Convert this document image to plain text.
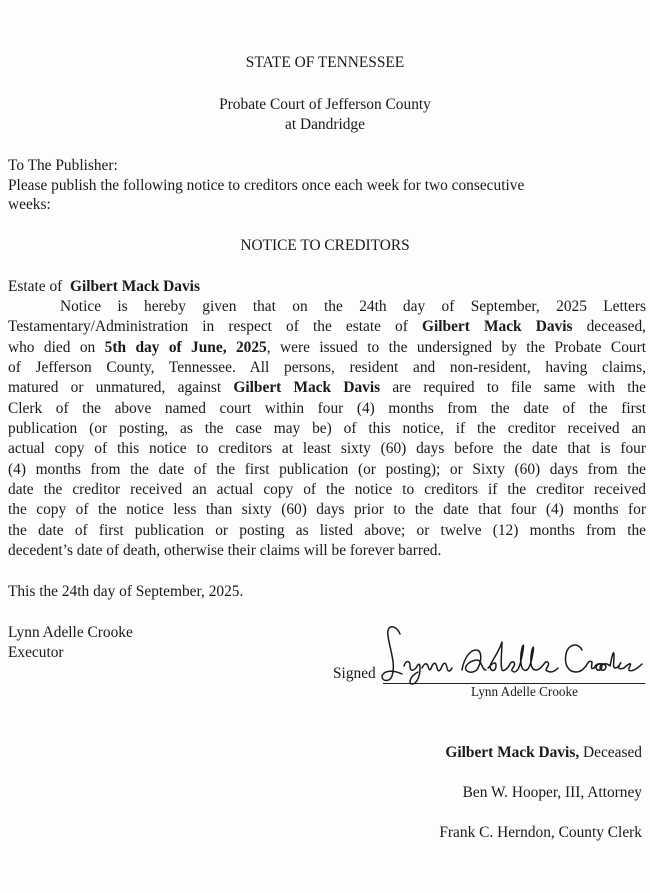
STATE OF TENNESSEE
Probate Court of Jefferson County
at Dandridge
To The Publisher:
Please publish the following notice to creditors once each week for two consecutive
weeks:
NOTICE TO CREDITORS
Estate of Gilbert Mack Davis
Notice is hereby given that on the 24th day of September, 2025 Letters
Testamentary/Administration in respect of the estate of Gilbert Mack Davis deceased,
who died on 5th day of June, 2025, were issued to the undersigned by the Probate Court
of Jefferson County, Tennessee. All persons, resident and non-resident, having claims,
matured or unmatured, against Gilbert Mack Davis are required to file same with the
Clerk of the above named court within four (4) months from the date of the first
publication (or posting, as the case may be) of this notice, if the creditor received an
actual copy of this notice to creditors at least sixty (60) days before the date that is four
(4) months from the date of the first publication (or posting); or Sixty (60) days from the
date the creditor received an actual copy of the notice to creditors if the creditor received
the copy of the notice less than sixty (60) days prior to the date that four (4) months for
the date of first publication or posting as listed above; or twelve (12) months from the
decedent’s date of death, otherwise their claims will be forever barred.
This the 24th day of September, 2025.
Lynn Adelle Crooke
Executor
Signed
Lynn Adelle Crooke
Gilbert Mack Davis, Deceased
Ben W. Hooper, III, Attorney
Frank C. Herndon, County Clerk
